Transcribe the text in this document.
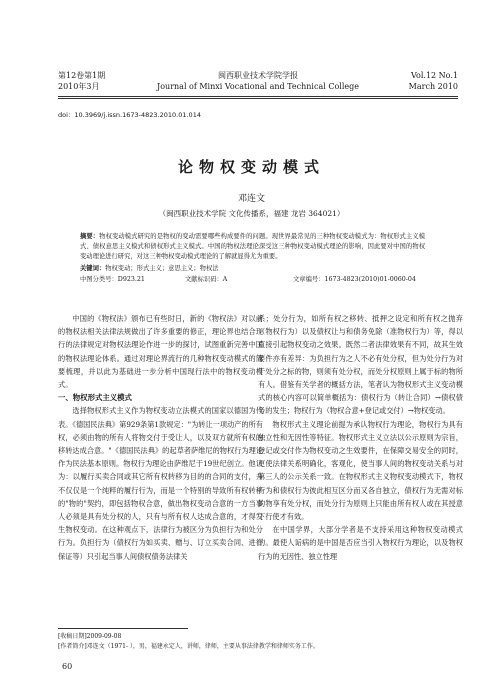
第12卷第1期	闽西职业技术学院学报	Vol.12 No.1
2010年3月	Journal of Minxi Vocational and Technical College	March 2010
doi：10.3969/j.issn.1673-4823.2010.01.014
论物权变动模式
邓连文
（闽西职业技术学院 文化传播系，福建 龙岩 364021）
摘要：物权变动模式研究的是物权的变动需要哪些构成要件的问题。现世界最常见的三种物权变动模式为：物权形式主义模式、债权意思主义模式和债权形式主义模式。中国的物权法理论深受这三种物权变动模式理论的影响，因此要对中国的物权变动理论进行研究，对这三种物权变动模式理论的了解就显得尤为重要。
关键词：物权变动；形式主义；意思主义；物权法
中图分类号：D923.21	文献标识码：A	文章编号：1673-4823(2010)01-0060-04

中国的《物权法》颁布已有些时日，新的《物权法》对以前的物权法相关法律法规做出了许多重要的修正，理论界也结合现行的法律规定对物权法理论作进一步的探讨，试图重新完善中国的物权法理论体系。通过对理论界流行的几种物权变动模式的简要梳理，并以此为基础进一步分析中国现行法中的物权变动模式。

一、物权形式主义模式

选择物权形式主义作为物权变动立法模式的国家以德国为代表。《德国民法典》第929条第1款规定："为转让一项动产的所有权，必须由物的所有人将物交付于受让人，以及双方就所有权的移转达成合意。"《德国民法典》的起草者萨维尼的物权行为理论作为民法基本原则。物权行为理论由萨维尼于19世纪创立。他认为：以履行买卖合同或其它所有权转移为目的的合同的支付，并不仅仅是一个纯粹的履行行为，而是一个特别的导致所有权转移的"物的"契约，即包括物权合意，做出物权变动合意的一方当事人必须是具有处分权的人，只有与所有权人达成合意的，才得发生物权变动。在这种观点下，法律行为被区分为负担行为和处分行为。负担行为（债权行为如买卖、赠与、订立买卖合同、进行保证等）只引起当事人间债权债务法律关

系；处分行为，如所有权之移转、抵押之设定和所有权之抛弃（物权行为）以及债权让与和债务免除（准物权行为）等，得以直接引起物权变动之效果。既然二者法律效果有不同，故其生效要件亦有差异：为负担行为之人不必有处分权，但为处分行为对于处分之标的物，则须有处分权，而处分权原则上属于标的物所有人。借鉴有关学者的概括方法，笔者认为物权形式主义变动模式的核心内容可以简单概括为：债权行为（转让合同）→债权债务的发生；物权行为（物权合意+登记或交付）→物权变动。

物权形式主义理论前提为承认物权行为理论，物权行为具有独立性和无因性等特征。物权形式主义立法以公示原则为宗旨，登记或交付作为物权变动之生效要件，在保障交易安全的同时，更使法律关系明确化，客观化，使当事人间的物权变动关系与对第三人的公示关系一致。在物权形式主义物权变动模式下，物权行为和债权行为彼此相互区分而又各自独立，债权行为无需对标的物享有处分权，而处分行为原则上只能由所有权人或在其授意下行使才有效。

在中国学界，大部分学者是不支持采用这种物权变动模式的。最使人诟病的是中国是否应当引入物权行为理论，以及物权行为的无因性、独立性理

[收稿日期]2009-09-08
[作者简介]邓连文（1971- ），男，福建永定人，讲师，律师，主要从事法律教学和律师实务工作。
60
